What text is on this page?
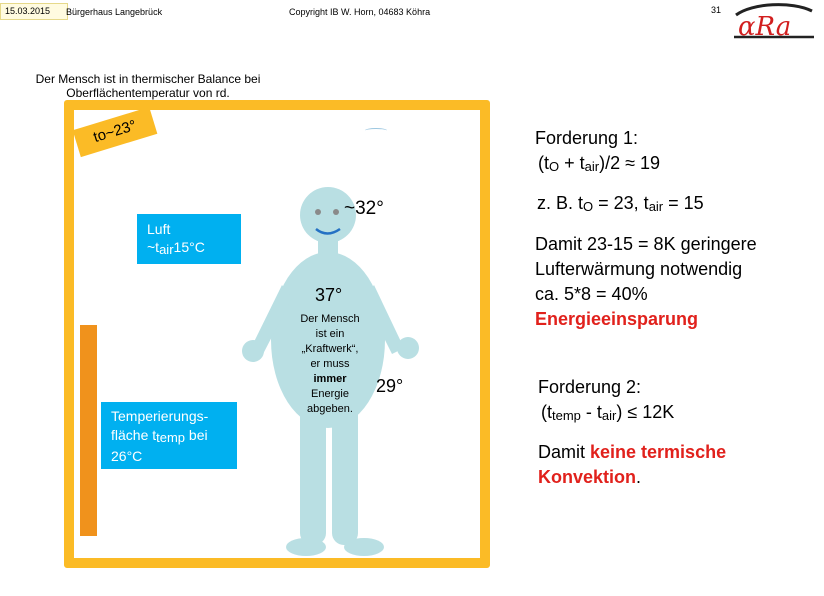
15.03.2015	Bürgerhaus Langebrück	Copyright IB W. Horn, 04683 Köhra	31
αRa
Der Mensch ist in thermischer Balance bei
Oberflächentemperatur von rd.
to~23°
Luft
$\sim t_{air}15^\circ C$
Temperierungs-
fläche $t_{temp}$ bei
26°C
~32°
37°
29°
Der Mensch
ist ein
„Kraftwerk“,
er muss
immer
Energie
abgeben.
Forderung 1:
$(t_O + t_{air})/2 \approx 19$
z. B. $t_O = 23$, $t_{air} = 15$
Damit 23-15 = 8K geringere
Lufterwärmung notwendig
ca. 5*8 = 40%
Energieeinsparung
Forderung 2:
$(t_{temp} - t_{air}) \le 12K$
Damit keine termische
Konvektion.
